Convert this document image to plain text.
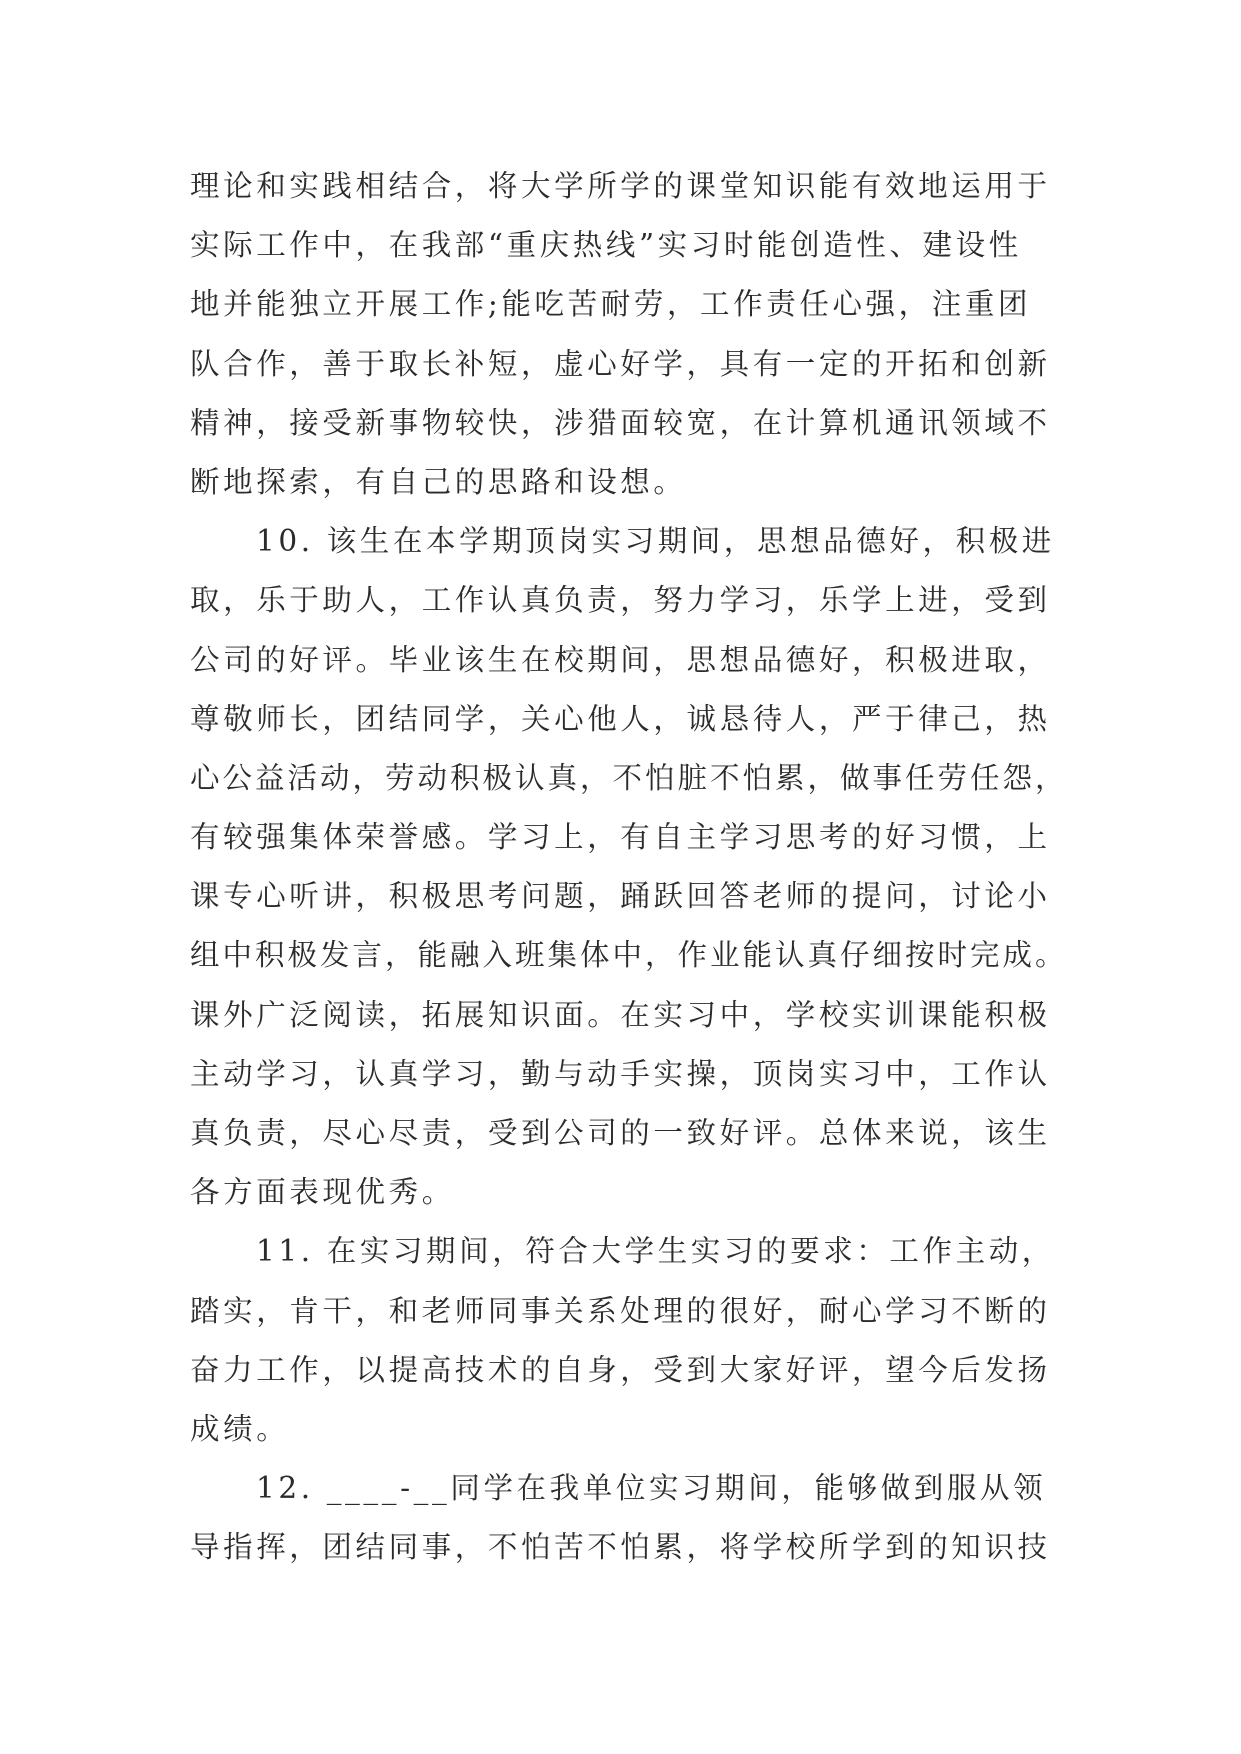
理论和实践相结合，将大学所学的课堂知识能有效地运用于
实际工作中，在我部“重庆热线”实习时能创造性、建设性
地并能独立开展工作;能吃苦耐劳，工作责任心强，注重团
队合作，善于取长补短，虚心好学，具有一定的开拓和创新
精神，接受新事物较快，涉猎面较宽，在计算机通讯领域不
断地探索，有自己的思路和设想。
10. 该生在本学期顶岗实习期间，思想品德好，积极进
取，乐于助人，工作认真负责，努力学习，乐学上进，受到
公司的好评。毕业该生在校期间，思想品德好，积极进取，
尊敬师长，团结同学，关心他人，诚恳待人，严于律己，热
心公益活动，劳动积极认真，不怕脏不怕累，做事任劳任怨，
有较强集体荣誉感。学习上，有自主学习思考的好习惯，上
课专心听讲，积极思考问题，踊跃回答老师的提问，讨论小
组中积极发言，能融入班集体中，作业能认真仔细按时完成。
课外广泛阅读，拓展知识面。在实习中，学校实训课能积极
主动学习，认真学习，勤与动手实操，顶岗实习中，工作认
真负责，尽心尽责，受到公司的一致好评。总体来说，该生
各方面表现优秀。
11. 在实习期间，符合大学生实习的要求：工作主动，
踏实，肯干，和老师同事关系处理的很好，耐心学习不断的
奋力工作，以提高技术的自身，受到大家好评，望今后发扬
成绩。
12. ____-__同学在我单位实习期间，能够做到服从领
导指挥，团结同事，不怕苦不怕累，将学校所学到的知识技
